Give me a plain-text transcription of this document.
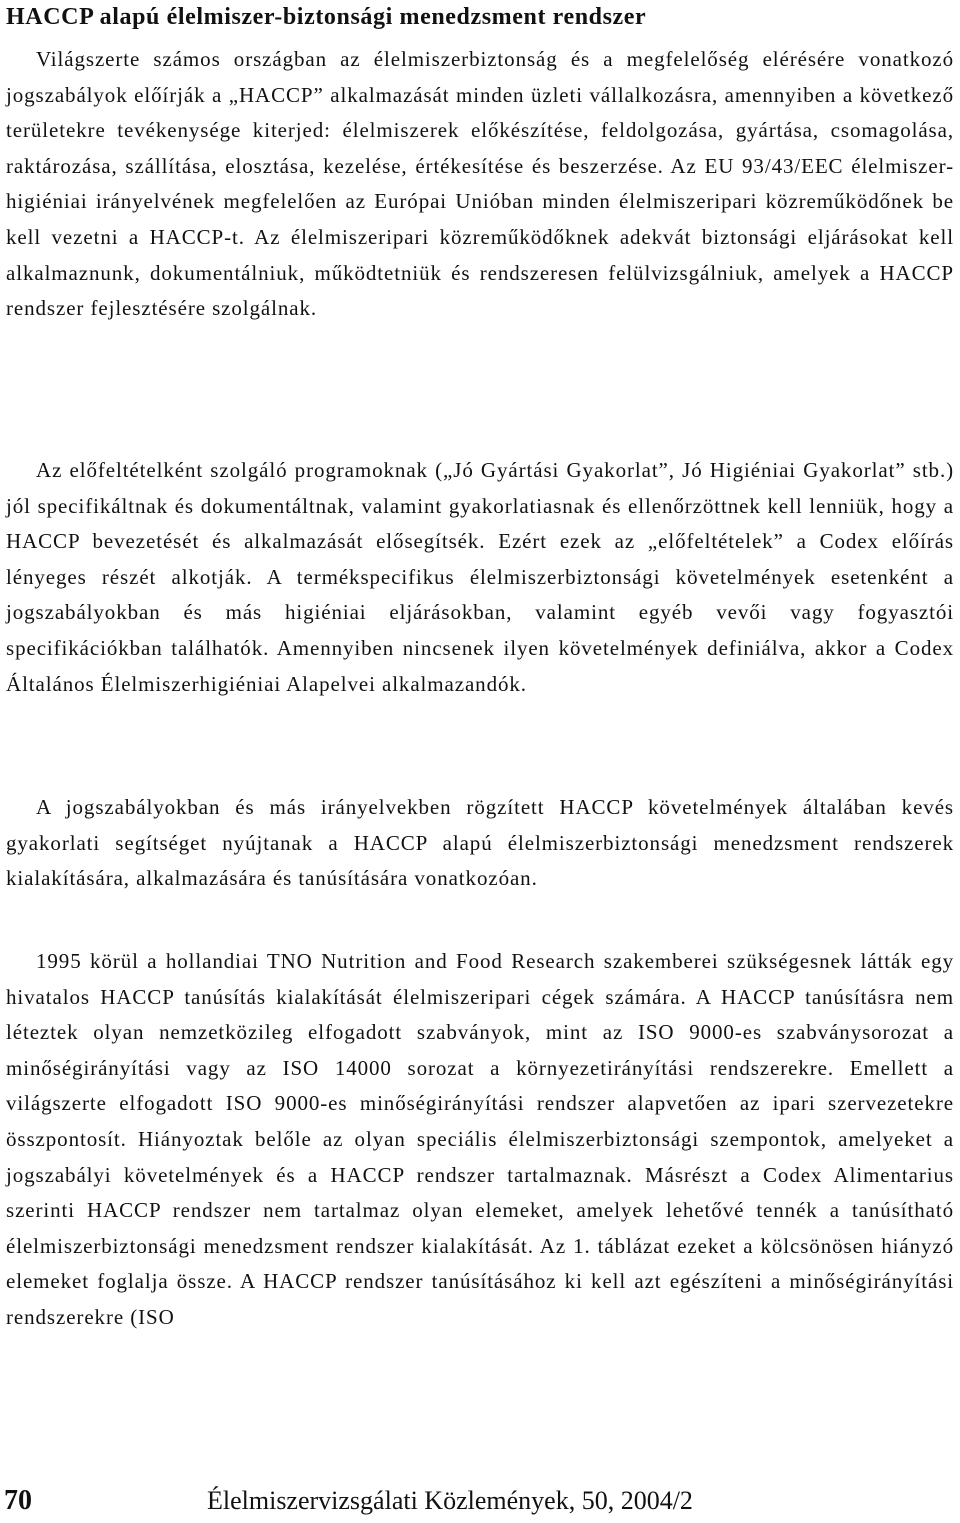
HACCP alapú élelmiszer-biztonsági menedzsment rendszer

Világszerte számos országban az élelmiszerbiztonság és a megfelelőség elérésére vonatkozó jogszabályok előírják a „HACCP” alkalmazását minden üzleti vállalkozásra, amennyiben a következő területekre tevékenysége kiterjed: élelmiszerek előkészítése, feldolgozása, gyártása, csomagolása, raktározása, szállítása, elosztása, kezelése, értékesítése és beszerzése. Az EU 93/43/EEC élelmiszer-higiéniai irányelvének megfelelően az Európai Unióban minden élelmiszeripari közreműködőnek be kell vezetni a HACCP-t. Az élelmiszeripari közreműködőknek adekvát biztonsági eljárásokat kell alkalmaznunk, dokumentálniuk, működtetniük és rendszeresen felülvizsgálniuk, amelyek a HACCP rendszer fejlesztésére szolgálnak.

Az előfeltételként szolgáló programoknak („Jó Gyártási Gyakorlat”, Jó Higiéniai Gyakorlat” stb.) jól specifikáltnak és dokumentáltnak, valamint gyakorlatiasnak és ellenőrzöttnek kell lenniük, hogy a HACCP bevezetését és alkalmazását elősegítsék. Ezért ezek az „előfeltételek” a Codex előírás lényeges részét alkotják. A termékspecifikus élelmiszerbiztonsági követelmények esetenként a jogszabályokban és más higiéniai eljárásokban, valamint egyéb vevői vagy fogyasztói specifikációkban találhatók. Amennyiben nincsenek ilyen követelmények definiálva, akkor a Codex Általános Élelmiszerhigiéniai Alapelvei alkalmazandók.

A jogszabályokban és más irányelvekben rögzített HACCP követelmények általában kevés gyakorlati segítséget nyújtanak a HACCP alapú élelmiszerbiztonsági menedzsment rendszerek kialakítására, alkalmazására és tanúsítására vonatkozóan.

1995 körül a hollandiai TNO Nutrition and Food Research szakemberei szükségesnek látták egy hivatalos HACCP tanúsítás kialakítását élelmiszeripari cégek számára. A HACCP tanúsításra nem léteztek olyan nemzetközileg elfogadott szabványok, mint az ISO 9000-es szabványsorozat a minőségirányítási vagy az ISO 14000 sorozat a környezetirányítási rendszerekre. Emellett a világszerte elfogadott ISO 9000-es minőségirányítási rendszer alapvetően az ipari szervezetekre összpontosít. Hiányoztak belőle az olyan speciális élelmiszerbiztonsági szempontok, amelyeket a jogszabályi követelmények és a HACCP rendszer tartalmaznak. Másrészt a Codex Alimentarius szerinti HACCP rendszer nem tartalmaz olyan elemeket, amelyek lehetővé tennék a tanúsítható élelmiszerbiztonsági menedzsment rendszer kialakítását. Az 1. táblázat ezeket a kölcsönösen hiányzó elemeket foglalja össze. A HACCP rendszer tanúsításához ki kell azt egészíteni a minőségirányítási rendszerekre (ISO

70	Élelmiszervizsgálati Közlemények, 50, 2004/2
